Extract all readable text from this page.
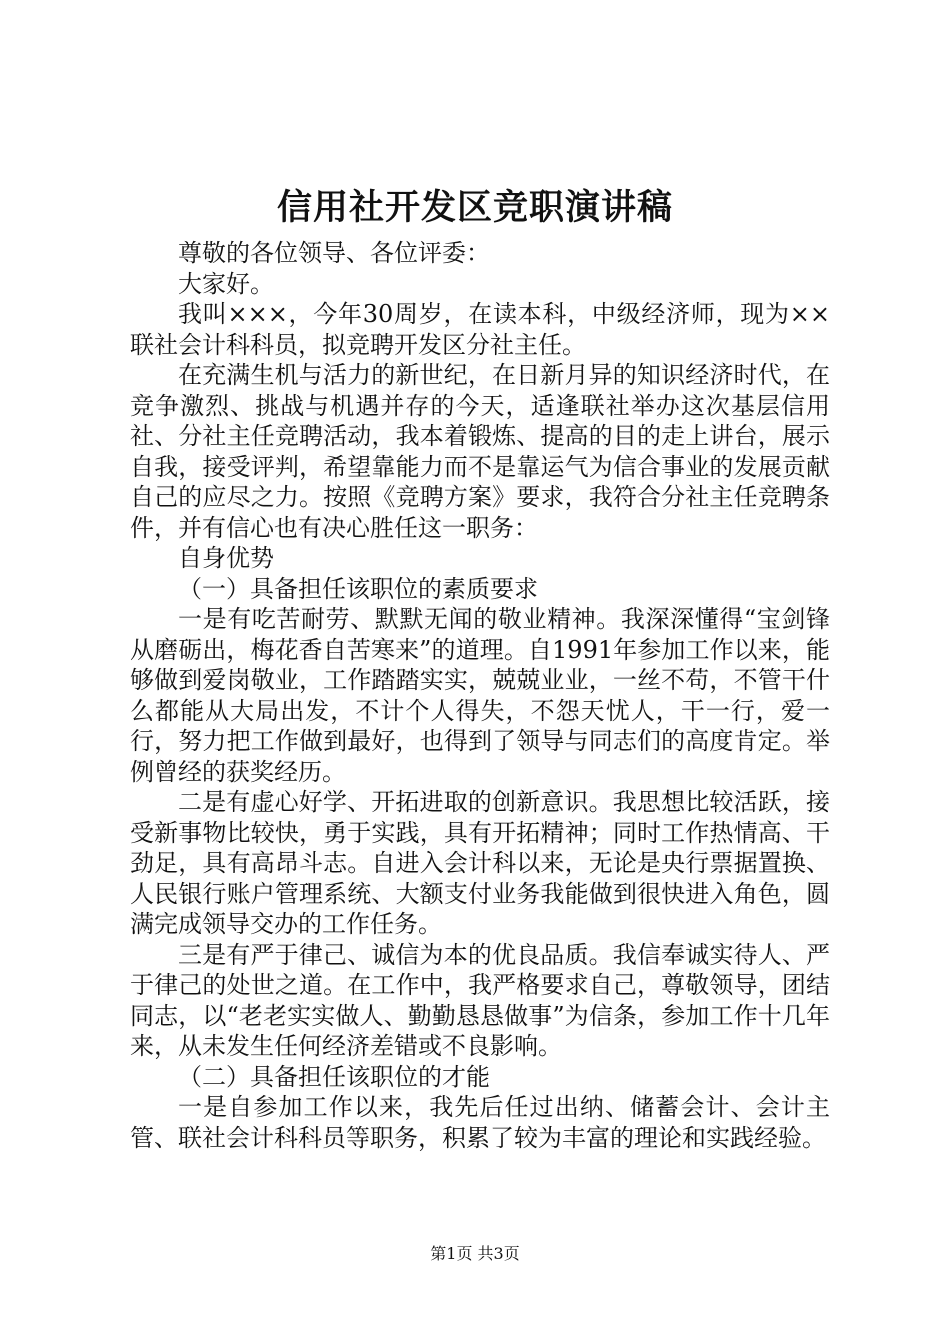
信用社开发区竞职演讲稿

尊敬的各位领导、各位评委：

大家好。

我叫×××，今年30周岁，在读本科，中级经济师，现为××联社会计科科员，拟竞聘开发区分社主任。

在充满生机与活力的新世纪，在日新月异的知识经济时代，在竞争激烈、挑战与机遇并存的今天，适逢联社举办这次基层信用社、分社主任竞聘活动，我本着锻炼、提高的目的走上讲台，展示自我，接受评判，希望靠能力而不是靠运气为信合事业的发展贡献自己的应尽之力。按照《竞聘方案》要求，我符合分社主任竞聘条件，并有信心也有决心胜任这一职务：

自身优势

（一）具备担任该职位的素质要求

一是有吃苦耐劳、默默无闻的敬业精神。我深深懂得“宝剑锋从磨砺出，梅花香自苦寒来”的道理。自1991年参加工作以来，能够做到爱岗敬业，工作踏踏实实，兢兢业业，一丝不苟，不管干什么都能从大局出发，不计个人得失，不怨天忧人，干一行，爱一行，努力把工作做到最好，也得到了领导与同志们的高度肯定。举例曾经的获奖经历。

二是有虚心好学、开拓进取的创新意识。我思想比较活跃，接受新事物比较快，勇于实践，具有开拓精神；同时工作热情高、干劲足，具有高昂斗志。自进入会计科以来，无论是央行票据置换、人民银行账户管理系统、大额支付业务我能做到很快进入角色，圆满完成领导交办的工作任务。

三是有严于律己、诚信为本的优良品质。我信奉诚实待人、严于律己的处世之道。在工作中，我严格要求自己，尊敬领导，团结同志，以“老老实实做人、勤勤恳恳做事”为信条，参加工作十几年来，从未发生任何经济差错或不良影响。

（二）具备担任该职位的才能

一是自参加工作以来，我先后任过出纳、储蓄会计、会计主管、联社会计科科员等职务，积累了较为丰富的理论和实践经验。

第1页 共3页
